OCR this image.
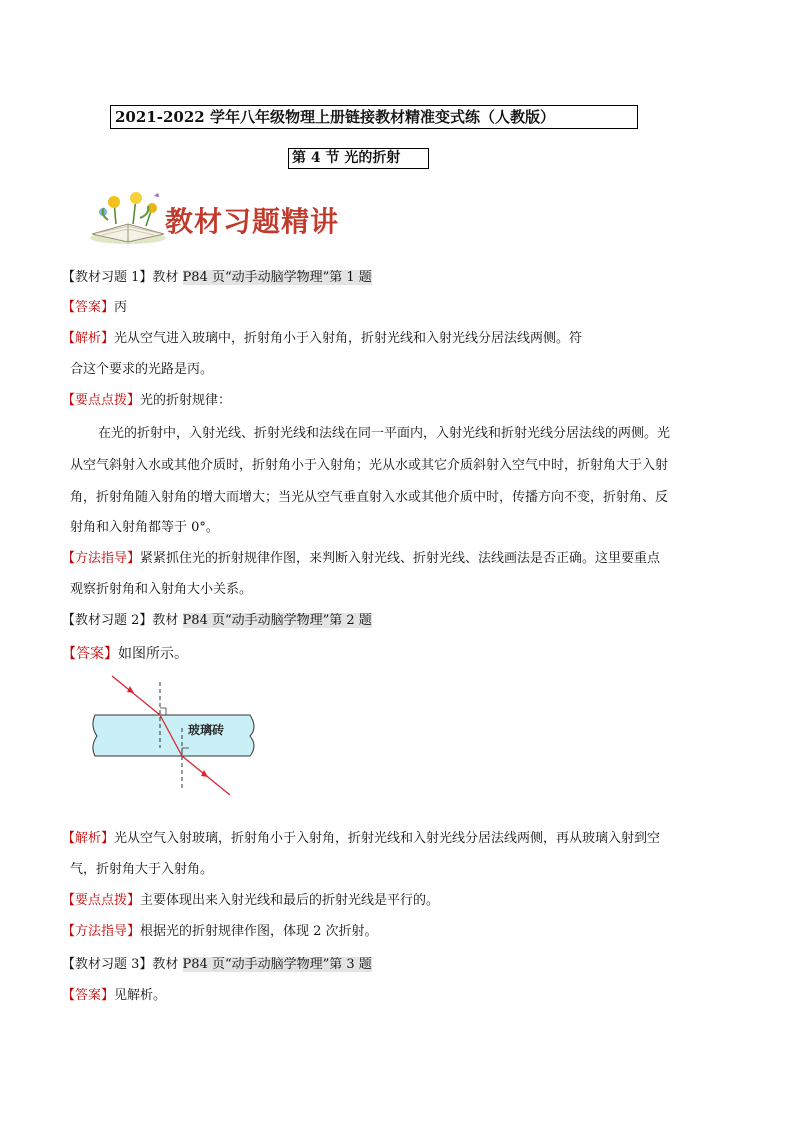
2021-2022 学年八年级物理上册链接教材精准变式练（人教版）
第 4 节 光的折射
教材习题精讲
【教材习题 1】教材 P84 页“动手动脑学物理”第 1 题
【答案】丙
【解析】光从空气进入玻璃中，折射角小于入射角，折射光线和入射光线分居法线两侧。符
合这个要求的光路是丙。
【要点点拨】光的折射规律：
在光的折射中，入射光线、折射光线和法线在同一平面内，入射光线和折射光线分居法线的两侧。光
从空气斜射入水或其他介质时，折射角小于入射角；光从水或其它介质斜射入空气中时，折射角大于入射
角，折射角随入射角的增大而增大；当光从空气垂直射入水或其他介质中时，传播方向不变，折射角、反
射角和入射角都等于 0°。
【方法指导】紧紧抓住光的折射规律作图，来判断入射光线、折射光线、法线画法是否正确。这里要重点
观察折射角和入射角大小关系。
【教材习题 2】教材 P84 页“动手动脑学物理”第 2 题
【答案】如图所示。
玻璃砖
【解析】光从空气入射玻璃，折射角小于入射角，折射光线和入射光线分居法线两侧，再从玻璃入射到空
气，折射角大于入射角。
【要点点拨】主要体现出来入射光线和最后的折射光线是平行的。
【方法指导】根据光的折射规律作图，体现 2 次折射。
【教材习题 3】教材 P84 页“动手动脑学物理”第 3 题
【答案】见解析。
